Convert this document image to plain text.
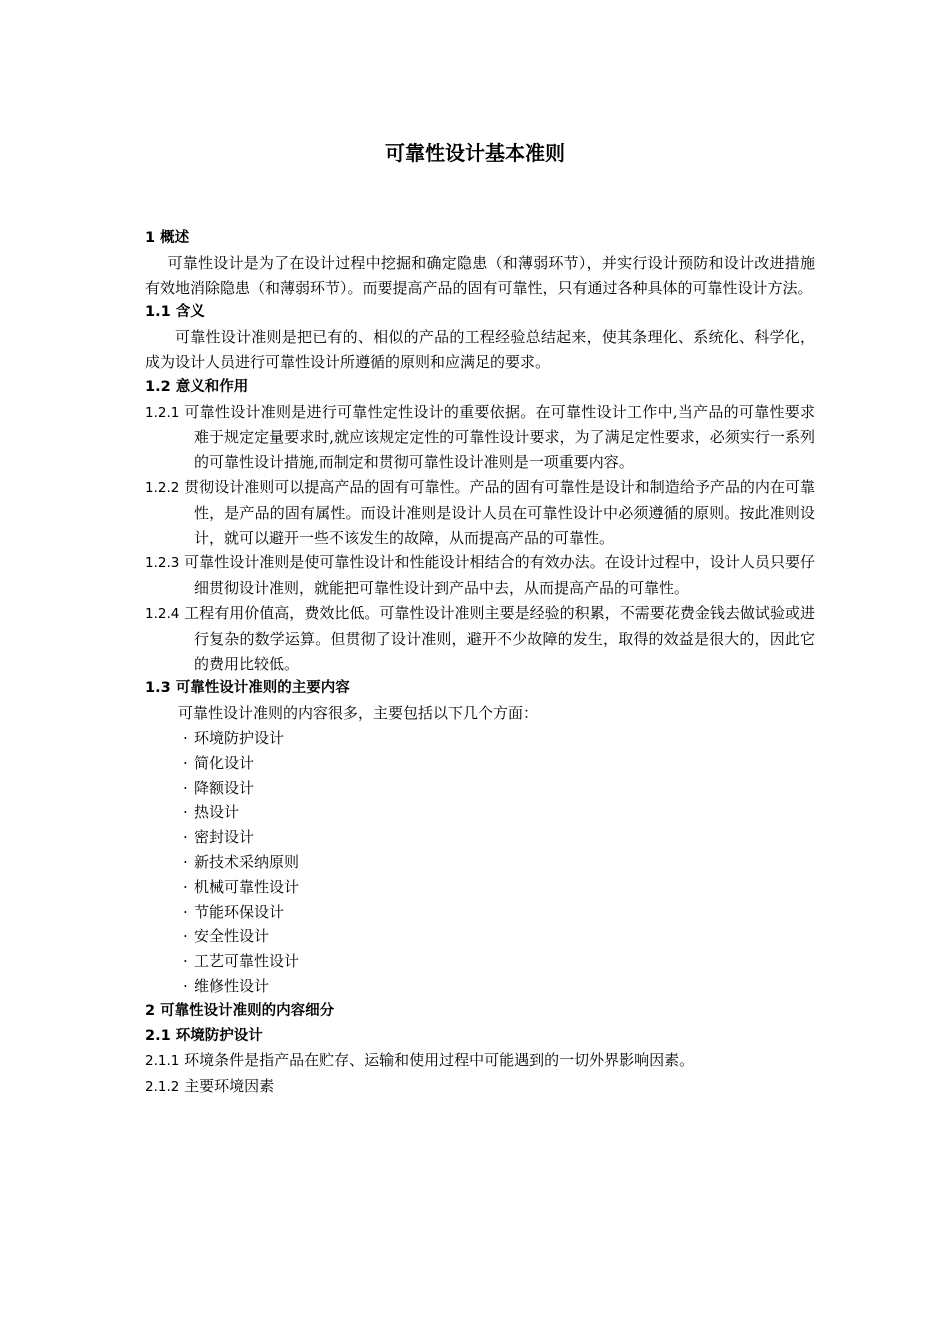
可靠性设计基本准则
1 概述
可靠性设计是为了在设计过程中挖掘和确定隐患（和薄弱环节），并实行设计预防和设计改进措施有效地消除隐患（和薄弱环节）。而要提高产品的固有可靠性，只有通过各种具体的可靠性设计方法。
1.1 含义
可靠性设计准则是把已有的、相似的产品的工程经验总结起来，使其条理化、系统化、科学化，成为设计人员进行可靠性设计所遵循的原则和应满足的要求。
1.2 意义和作用
1.2.1 可靠性设计准则是进行可靠性定性设计的重要依据。在可靠性设计工作中,当产品的可靠性要求难于规定定量要求时,就应该规定定性的可靠性设计要求，为了满足定性要求，必须实行一系列的可靠性设计措施,而制定和贯彻可靠性设计准则是一项重要内容。
1.2.2 贯彻设计准则可以提高产品的固有可靠性。产品的固有可靠性是设计和制造给予产品的内在可靠性，是产品的固有属性。而设计准则是设计人员在可靠性设计中必须遵循的原则。按此准则设计，就可以避开一些不该发生的故障，从而提高产品的可靠性。
1.2.3 可靠性设计准则是使可靠性设计和性能设计相结合的有效办法。在设计过程中，设计人员只要仔细贯彻设计准则，就能把可靠性设计到产品中去，从而提高产品的可靠性。
1.2.4 工程有用价值高，费效比低。可靠性设计准则主要是经验的积累，不需要花费金钱去做试验或进行复杂的数学运算。但贯彻了设计准则，避开不少故障的发生，取得的效益是很大的，因此它的费用比较低。
1.3 可靠性设计准则的主要内容
可靠性设计准则的内容很多，主要包括以下几个方面：
· 环境防护设计
· 简化设计
· 降额设计
· 热设计
· 密封设计
· 新技术采纳原则
· 机械可靠性设计
· 节能环保设计
· 安全性设计
· 工艺可靠性设计
· 维修性设计
2 可靠性设计准则的内容细分
2.1 环境防护设计
2.1.1 环境条件是指产品在贮存、运输和使用过程中可能遇到的一切外界影响因素。
2.1.2 主要环境因素
